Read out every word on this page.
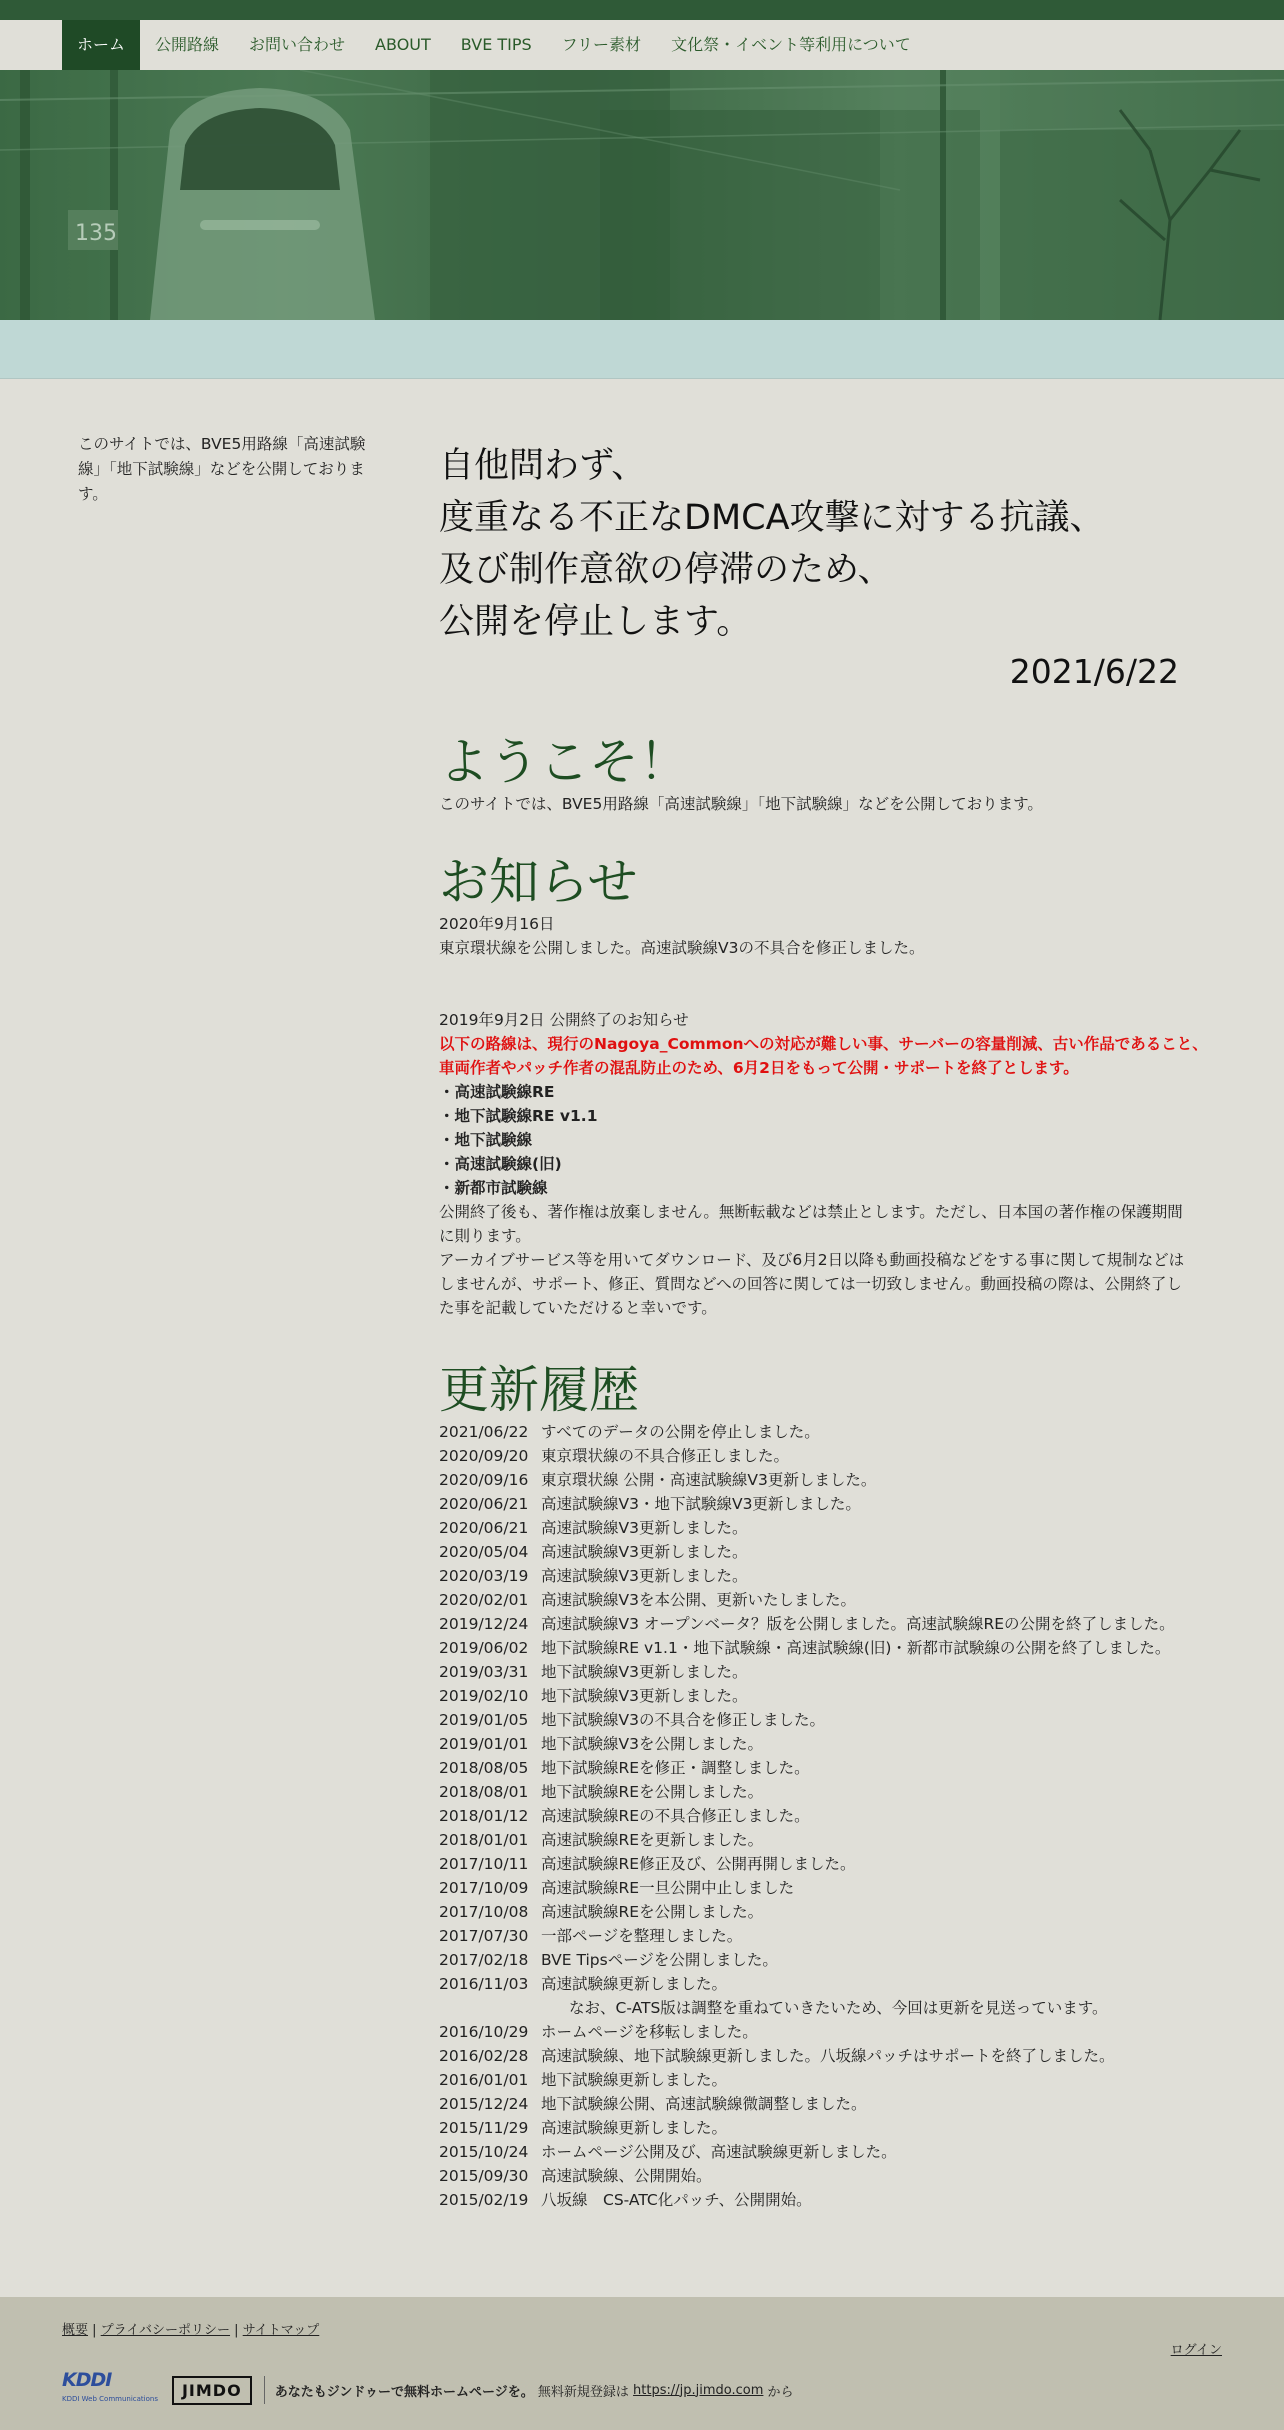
ホーム	公開路線	お問い合わせ	ABOUT	BVE TIPS	フリー素材	文化祭・イベント等利用について
135
このサイトでは、BVE5用路線「高速試験線」「地下試験線」などを公開しております。
自他問わず、
度重なる不正なDMCA攻撃に対する抗議、
及び制作意欲の停滞のため、
公開を停止します。
2021/6/22
ようこそ！
このサイトでは、BVE5用路線「高速試験線」「地下試験線」などを公開しております。
お知らせ
2020年9月16日
東京環状線を公開しました。高速試験線V3の不具合を修正しました。
2019年9月2日 公開終了のお知らせ
以下の路線は、現行のNagoya_Commonへの対応が難しい事、サーバーの容量削減、古い作品であること、
車両作者やパッチ作者の混乱防止のため、6月2日をもって公開・サポートを終了とします。
・高速試験線RE
・地下試験線RE v1.1
・地下試験線
・高速試験線(旧)
・新都市試験線
公開終了後も、著作権は放棄しません。無断転載などは禁止とします。ただし、日本国の著作権の保護期間
に則ります。
アーカイブサービス等を用いてダウンロード、及び6月2日以降も動画投稿などをする事に関して規制などは
しませんが、サポート、修正、質問などへの回答に関しては一切致しません。動画投稿の際は、公開終了し
た事を記載していただけると幸いです。
更新履歴
2021/06/22 すべてのデータの公開を停止しました。
2020/09/20 東京環状線の不具合修正しました。
2020/09/16 東京環状線 公開・高速試験線V3更新しました。
2020/06/21 高速試験線V3・地下試験線V3更新しました。
2020/06/21 高速試験線V3更新しました。
2020/05/04 高速試験線V3更新しました。
2020/03/19 高速試験線V3更新しました。
2020/02/01 高速試験線V3を本公開、更新いたしました。
2019/12/24 高速試験線V3 オープンベータ？版を公開しました。高速試験線REの公開を終了しました。
2019/06/02 地下試験線RE v1.1・地下試験線・高速試験線(旧)・新都市試験線の公開を終了しました。
2019/03/31 地下試験線V3更新しました。
2019/02/10 地下試験線V3更新しました。
2019/01/05 地下試験線V3の不具合を修正しました。
2019/01/01 地下試験線V3を公開しました。
2018/08/05 地下試験線REを修正・調整しました。
2018/08/01 地下試験線REを公開しました。
2018/01/12 高速試験線REの不具合修正しました。
2018/01/01 高速試験線REを更新しました。
2017/10/11 高速試験線RE修正及び、公開再開しました。
2017/10/09 高速試験線RE一旦公開中止しました
2017/10/08 高速試験線REを公開しました。
2017/07/30 一部ページを整理しました。
2017/02/18 BVE Tipsページを公開しました。
2016/11/03 高速試験線更新しました。
なお、C-ATS版は調整を重ねていきたいため、今回は更新を見送っています。
2016/10/29 ホームページを移転しました。
2016/02/28 高速試験線、地下試験線更新しました。八坂線パッチはサポートを終了しました。
2016/01/01 地下試験線更新しました。
2015/12/24 地下試験線公開、高速試験線微調整しました。
2015/11/29 高速試験線更新しました。
2015/10/24 ホームページ公開及び、高速試験線更新しました。
2015/09/30 高速試験線、公開開始。
2015/02/19 八坂線　CS-ATC化パッチ、公開開始。
概要 | プライバシーポリシー | サイトマップ
ログイン
KDDI
KDDI Web Communications	JIMDO	あなたもジンドゥーで無料ホームページを。 無料新規登録は https://jp.jimdo.com から
